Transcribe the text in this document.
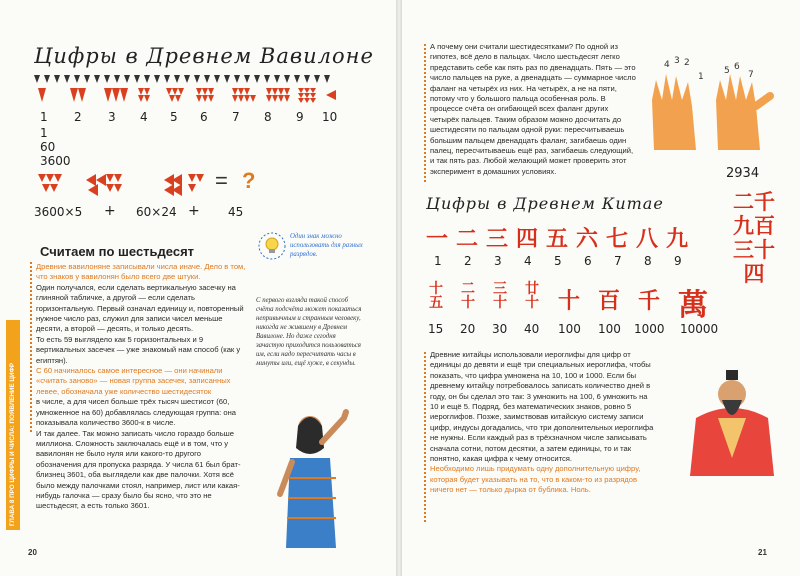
Цифры в Древнем Вавилоне
1 2 3 4 5 6 7 8 9 10
1
60
3600
= ?
3600×5 + 60×24 + 45
Один знак можно использовать для разных разрядов.
Считаем по шестьдесят

Древние вавилоняне записывали числа иначе. Дело в том, что знаков у вавилонян было всего две штуки.

Один получался, если сделать вертикальную засечку на глиняной табличке, а другой — если сделать горизонтальную. Первый означал единицу и, повторенный нужное число раз, служил для записи чисел меньше десяти, а второй — десять, и только десять.

То есть 59 выглядело как 5 горизонтальных и 9 вертикальных засечек — уже знакомый нам способ (как у египтян).

С 60 начиналось самое интересное — они начинали «считать заново» — новая группа засечек, записанных левее, обозначала уже количество шестидесяток

в числе, а для чисел больше трёх тысяч шестисот (60, умноженное на 60) добавлялась следующая группа: она показывала количество 3600-к в числе.

И так далее. Так можно записать число гораздо больше миллиона. Сложность заключалась ещё и в том, что у вавилонян не было нуля или какого-то другого обозначения для пропуска разряда. У числа 61 был брат-близнец 3601, оба выглядели как две палочки. Хотя всё было между палочками стоял, например, лист или какая-нибудь галочка — сразу было бы ясно, что это не шестьдесят, а есть только 3601.

С первого взгляда такой способ счёта подсчёта может показаться непривычным и странным человеку, никогда не жившему в Древнем Вавилоне. Но даже сегодня зачастую приходится пользоваться им, если надо пересчитать часы в минуты или, ещё хуже, в секунды.
ГЛАВА 8 ПРО ЦИФРЫ И ЧИСЛА: ПОЯВЛЕНИЕ ЦИФР
20
А почему они считали шестидесятками? По одной из гипотез, всё дело в пальцах. Число шестьдесят легко представить себе как пять раз по двенадцать. Пять — это число пальцев на руке, а двенадцать — суммарное число фаланг на четырёх из них. На четырёх, а не на пяти, потому что у большого пальца особенная роль. В процессе счёта он огибающей всех фаланг других четырёх пальцев. Таким образом можно досчитать до шестидесяти по пальцам одной руки: пересчитываешь большим пальцем двенадцать фаланг, загибаешь один палец, пересчитываешь ещё раз, загибаешь следующий, и так пять раз. Любой желающий может проверить этот эксперимент в домашних условиях.
4 3 2
1
5 6
7
Цифры в Древнем Китае
2934
一 二 三 四 五 六 七 八 九
1 2 3 4 5 6 7 8 9
十五
二十
三十
廿十 十 百 千 萬
15 20 30 40 100 100 1000 10000
二千
九百
三十
四

Древние китайцы использовали иероглифы для цифр от единицы до девяти и ещё три специальных иероглифа, чтобы показать, что цифра умножена на 10, 100 и 1000. Если бы древнему китайцу потребовалось записать количество дней в году, он бы сделал это так: 3 умножить на 100, 6 умножить на 10 и ещё 5. Подряд, без математических знаков, ровно 5 иероглифов. Позже, заимствовав китайскую систему записи цифр, индусы догадались, что три дополнительных иероглифа не нужны. Если каждый раз в трёхзначном числе записывать сначала сотни, потом десятки, а затем единицы, то и так понятно, какая цифра к чему относится.

Необходимо лишь придумать одну дополнительную цифру, которая будет указывать на то, что в каком-то из разрядов ничего нет — только дырка от бублика. Ноль.

21
